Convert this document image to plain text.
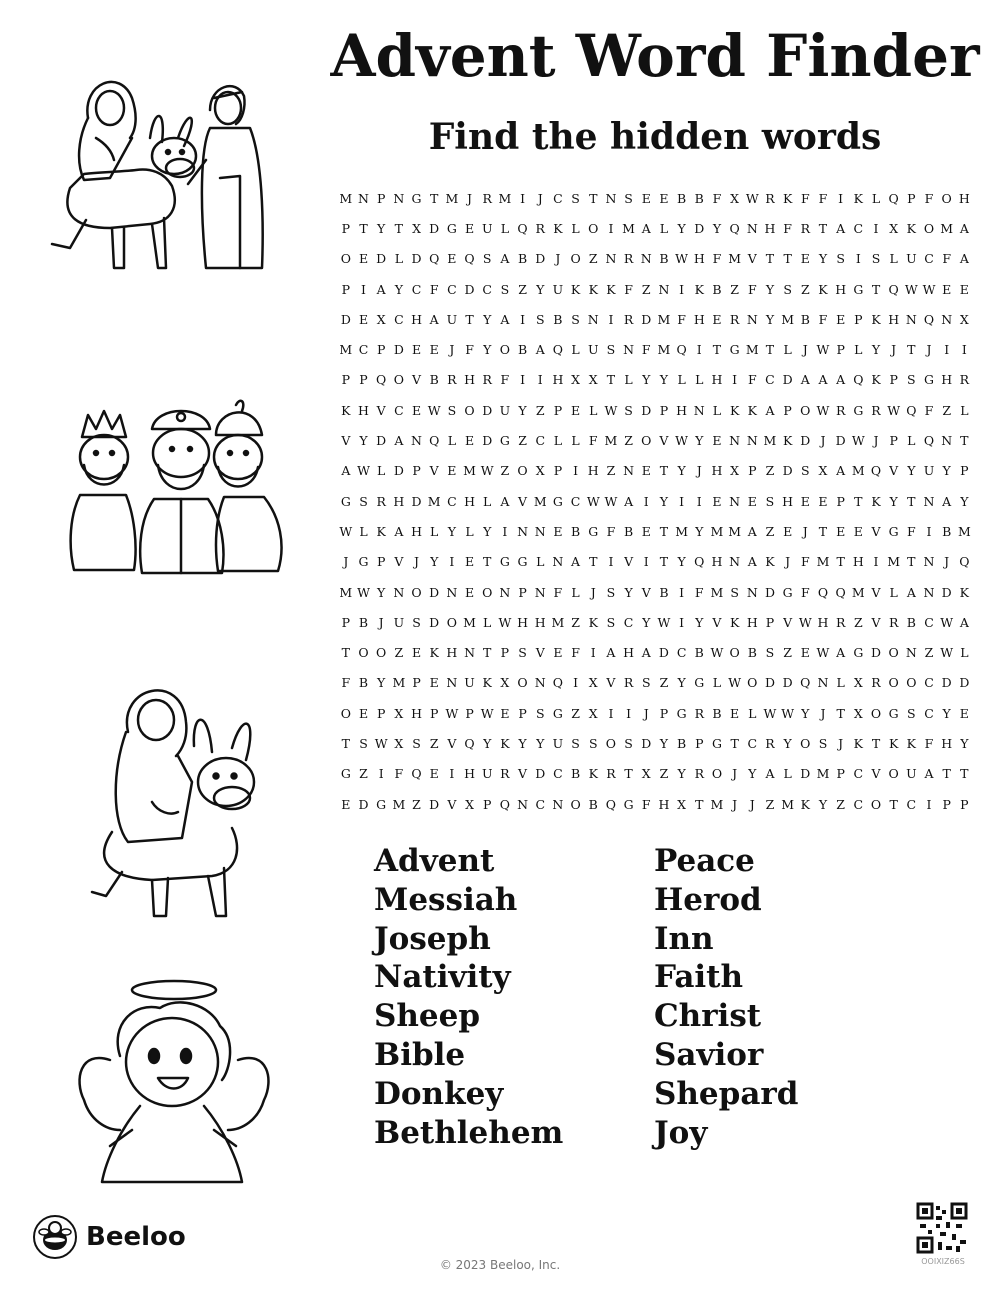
Advent Word Finder
Find the hidden words
M N P N G T M J R M I	J C S T N S E E B B F X W R K F F I K L Q P F O H
P T Y T X D G E U L Q R K L O I M A L Y D Y Q N H F R T A C I X K O M A
O E D L D Q E Q S A B D J O Z N R N B W H F M V T T E Y S I S L U C F A
P I A Y C F C D C S Z Y U K K K F Z N I K B Z F Y S Z K H G T Q W W E E
D E X C H A U T Y A I S B S N I R D M F H E R N Y M B F E P K H N Q N X
M C P D E E J F Y O B A Q L U S N F M Q I T G M T L J W P L Y J T J	I	I
P P Q O V B R H R F I	I H X X T L Y Y L L H I F C D A A A Q K P S G H R
K H V C E W S O D U Y Z P E L W S D P H N L K K A P O W R G R W Q F Z L
V Y D A N Q L E D G Z C L L F M Z O V W Y E N N M K D J D W J P L Q N T
A W L D P V E M W Z O X P I H Z N E T Y J H X P Z D S X A M Q V Y U Y P
G S R H D M C H L A V M G C W W A I Y I	I E N E S H E E P T K Y T N A Y
W L K A H L Y L Y I N N E B G F B E T M Y M M A Z E J T E E V G F I B M
J G P V J Y I E T G G L N A T I V I T Y Q H N A K J F M T H I M T N J Q
M W Y N O D N E O N P N F L J S Y V B I F M S N D G F Q Q M V L A N D K
P B J U S D O M L W H H M Z K S C Y W I Y V K H P V W H R Z V R B C W A
T O O Z E K H N T P S V E F I A H A D C B W O B S Z E W A G D O N Z W L
F B Y M P E N U K X O N Q I X V R S Z Y G L W O D D Q N L X R O O C D D
O E P X H P W P W E P S G Z X I	I	J P G R B E L W W Y J T X O G S C Y E
T S W X S Z V Q Y K Y Y U S S O S D Y B P G T C R Y O S J K T K K F H Y
G Z I F Q E I H U R V D C B K R T X Z Y R O J Y A L D M P C V O U A T T
E D G M Z D V X P Q N C N O B Q G F H X T M J	J Z M K Y Z C O T C I P P
Advent
Messiah
Joseph
Nativity
Sheep
Bible
Donkey
Bethlehem
Peace
Herod
Inn
Faith
Christ
Savior
Shepard
Joy
Beeloo
© 2023 Beeloo, Inc.	OOIXIZ66S
